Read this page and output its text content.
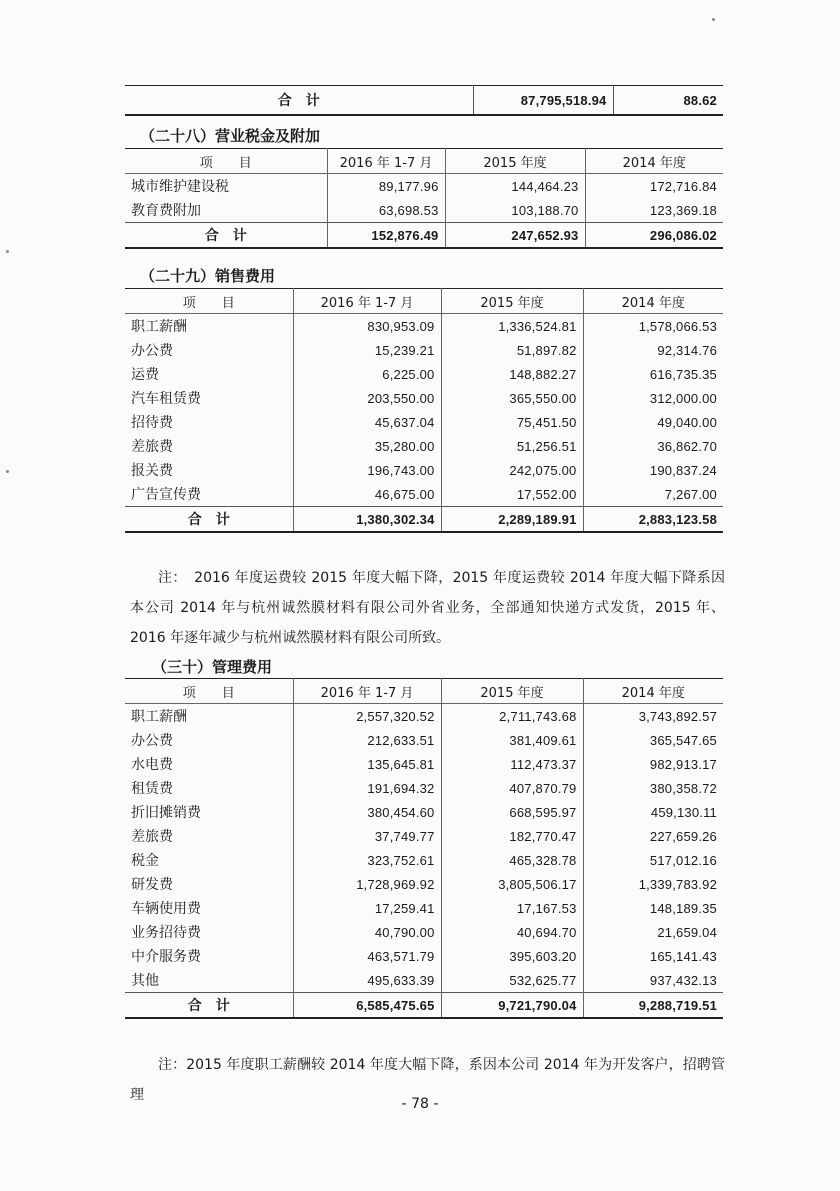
合　计	87,795,518.94	88.62
（二十八）营业税金及附加
项　　目	2016 年 1-7 月	2015 年度	2014 年度
城市维护建设税	89,177.96	144,464.23	172,716.84
教育费附加	63,698.53	103,188.70	123,369.18
合　计	152,876.49	247,652.93	296,086.02
（二十九）销售费用
项　　目	2016 年 1-7 月	2015 年度	2014 年度
职工薪酬	830,953.09	1,336,524.81	1,578,066.53
办公费	15,239.21	51,897.82	92,314.76
运费	6,225.00	148,882.27	616,735.35
汽车租赁费	203,550.00	365,550.00	312,000.00
招待费	45,637.04	75,451.50	49,040.00
差旅费	35,280.00	51,256.51	36,862.70
报关费	196,743.00	242,075.00	190,837.24
广告宣传费	46,675.00	17,552.00	7,267.00
合　计	1,380,302.34	2,289,189.91	2,883,123.58
注：　2016 年度运费较 2015 年度大幅下降，2015 年度运费较 2014 年度大幅下降系因本公司 2014 年与杭州诚然膜材料有限公司外省业务，全部通知快递方式发货，2015 年、2016 年逐年减少与杭州诚然膜材料有限公司所致。
（三十）管理费用
项　　目	2016 年 1-7 月	2015 年度	2014 年度
职工薪酬	2,557,320.52	2,711,743.68	3,743,892.57
办公费	212,633.51	381,409.61	365,547.65
水电费	135,645.81	112,473.37	982,913.17
租赁费	191,694.32	407,870.79	380,358.72
折旧摊销费	380,454.60	668,595.97	459,130.11
差旅费	37,749.77	182,770.47	227,659.26
税金	323,752.61	465,328.78	517,012.16
研发费	1,728,969.92	3,805,506.17	1,339,783.92
车辆使用费	17,259.41	17,167.53	148,189.35
业务招待费	40,790.00	40,694.70	21,659.04
中介服务费	463,571.79	395,603.20	165,141.43
其他	495,633.39	532,625.77	937,432.13
合　计	6,585,475.65	9,721,790.04	9,288,719.51
注：2015 年度职工薪酬较 2014 年度大幅下降，系因本公司 2014 年为开发客户，招聘管理
- 78 -
